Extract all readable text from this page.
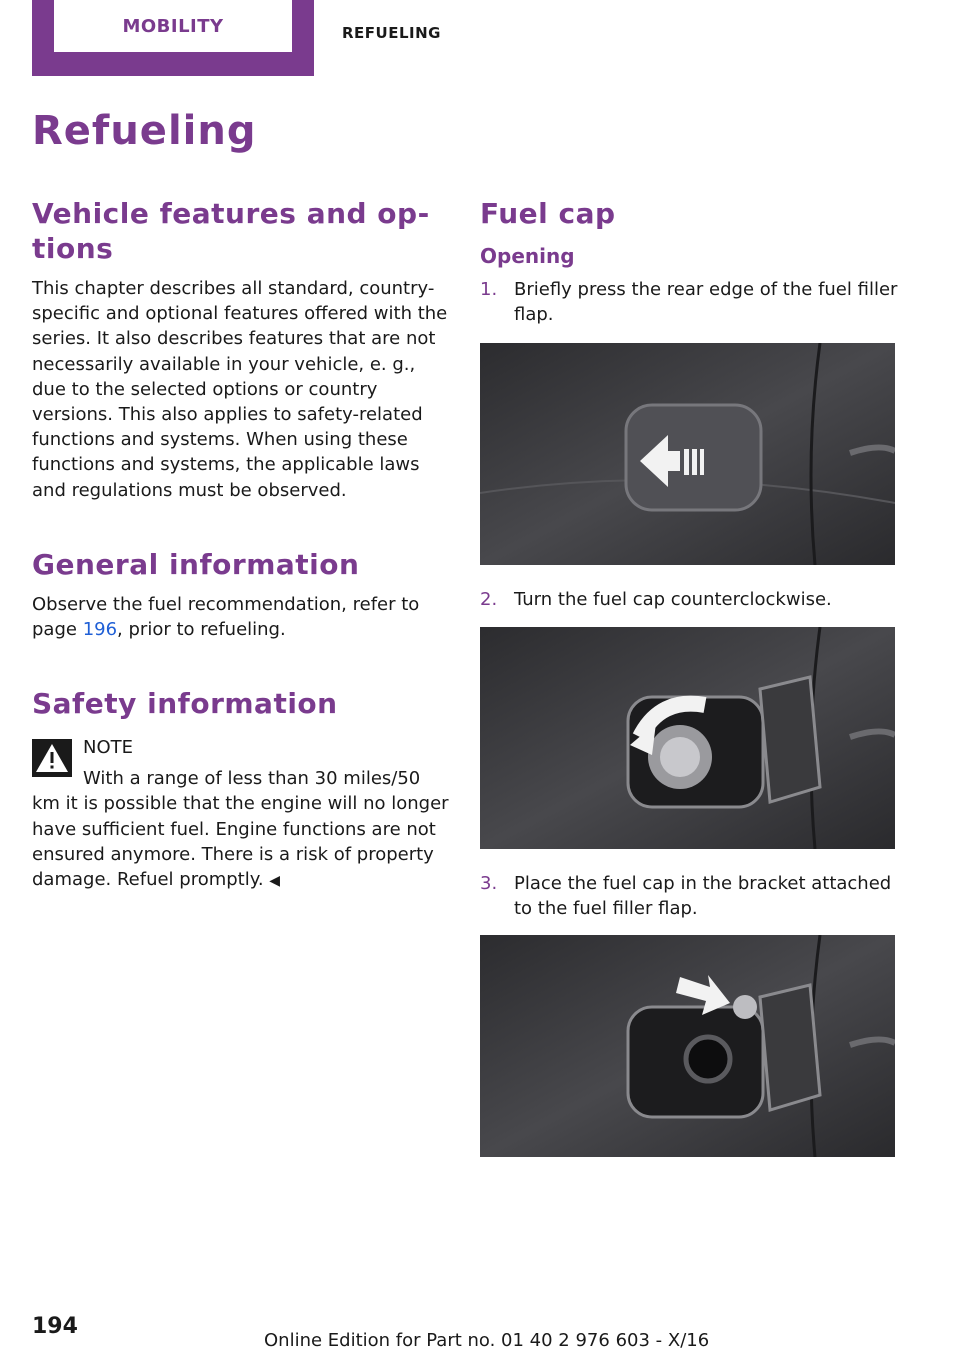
MOBILITY	REFUELING
Refueling
Vehicle features and op‐
tions

This chapter describes all standard, country-specific and optional features offered with the series. It also describes features that are not necessarily available in your vehicle, e. g., due to the selected options or country versions. This also applies to safety-related functions and systems. When using these functions and systems, the applicable laws and regulations must be observed.

General information

Observe the fuel recommendation, refer to page 196, prior to refueling.

Safety information
NOTE

With a range of less than 30 miles/50 km it is possible that the engine will no longer have sufficient fuel. Engine functions are not ensured anymore. There is a risk of property damage. Refuel promptly. ◀

Fuel cap
Opening
1. Briefly press the rear edge of the fuel filler flap.
2. Turn the fuel cap counterclockwise.
3. Place the fuel cap in the bracket attached to the fuel filler flap.
194
Online Edition for Part no. 01 40 2 976 603 - X/16
